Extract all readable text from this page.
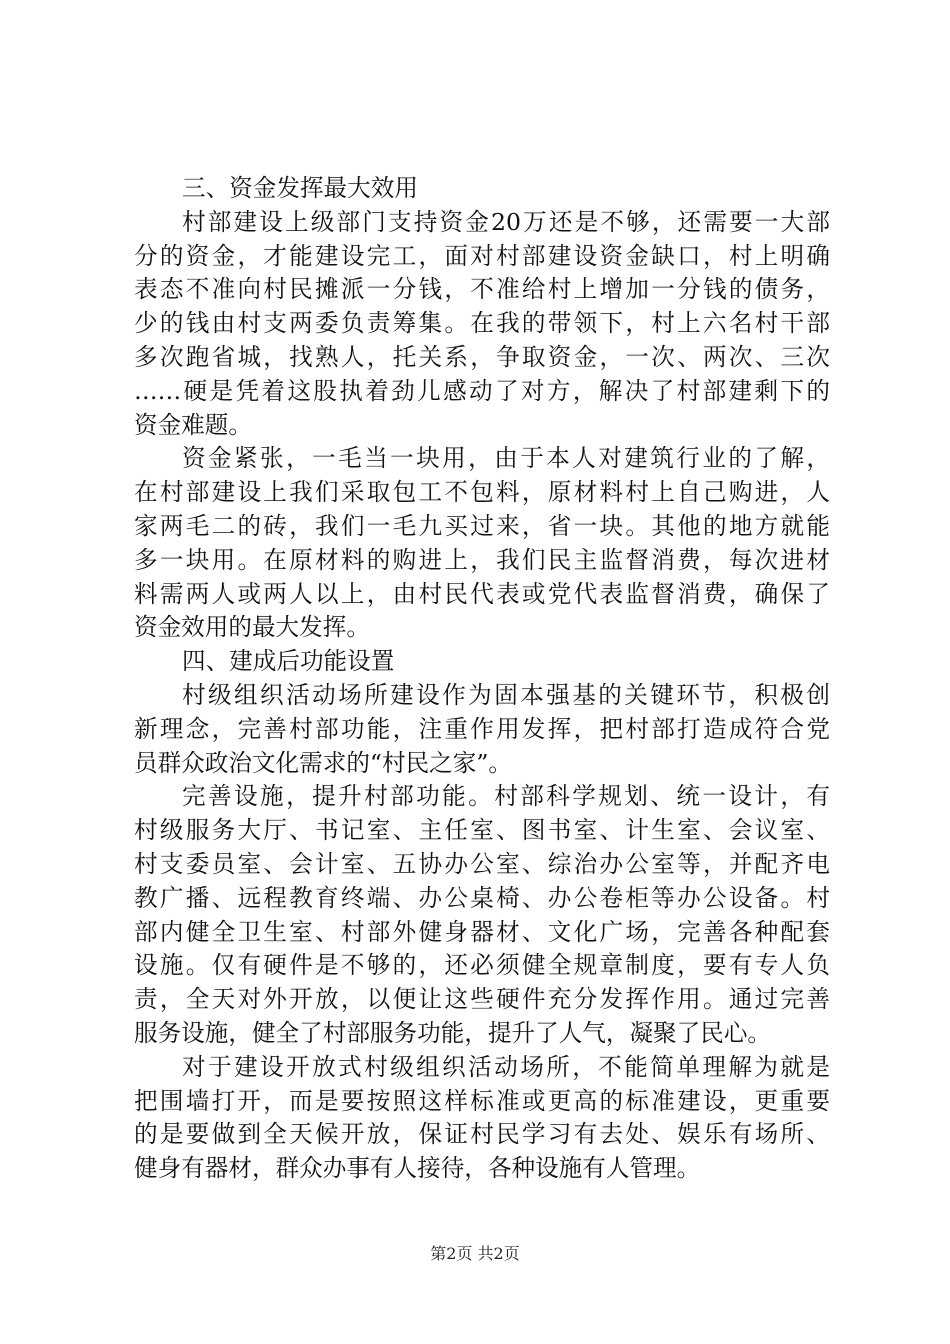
三、资金发挥最大效用
村部建设上级部门支持资金20万还是不够，还需要一大部
分的资金，才能建设完工，面对村部建设资金缺口，村上明确
表态不准向村民摊派一分钱，不准给村上增加一分钱的债务，
少的钱由村支两委负责筹集。在我的带领下，村上六名村干部
多次跑省城，找熟人，托关系，争取资金，一次、两次、三次
……硬是凭着这股执着劲儿感动了对方，解决了村部建剩下的
资金难题。
资金紧张，一毛当一块用，由于本人对建筑行业的了解，
在村部建设上我们采取包工不包料，原材料村上自己购进，人
家两毛二的砖，我们一毛九买过来，省一块。其他的地方就能
多一块用。在原材料的购进上，我们民主监督消费，每次进材
料需两人或两人以上，由村民代表或党代表监督消费，确保了
资金效用的最大发挥。
四、建成后功能设置
村级组织活动场所建设作为固本强基的关键环节，积极创
新理念，完善村部功能，注重作用发挥，把村部打造成符合党
员群众政治文化需求的“村民之家”。
完善设施，提升村部功能。村部科学规划、统一设计，有
村级服务大厅、书记室、主任室、图书室、计生室、会议室、
村支委员室、会计室、五协办公室、综治办公室等，并配齐电
教广播、远程教育终端、办公桌椅、办公卷柜等办公设备。村
部内健全卫生室、村部外健身器材、文化广场，完善各种配套
设施。仅有硬件是不够的，还必须健全规章制度，要有专人负
责，全天对外开放，以便让这些硬件充分发挥作用。通过完善
服务设施，健全了村部服务功能，提升了人气，凝聚了民心。
对于建设开放式村级组织活动场所，不能简单理解为就是
把围墙打开，而是要按照这样标准或更高的标准建设，更重要
的是要做到全天候开放，保证村民学习有去处、娱乐有场所、
健身有器材，群众办事有人接待，各种设施有人管理。
第2页 共2页
